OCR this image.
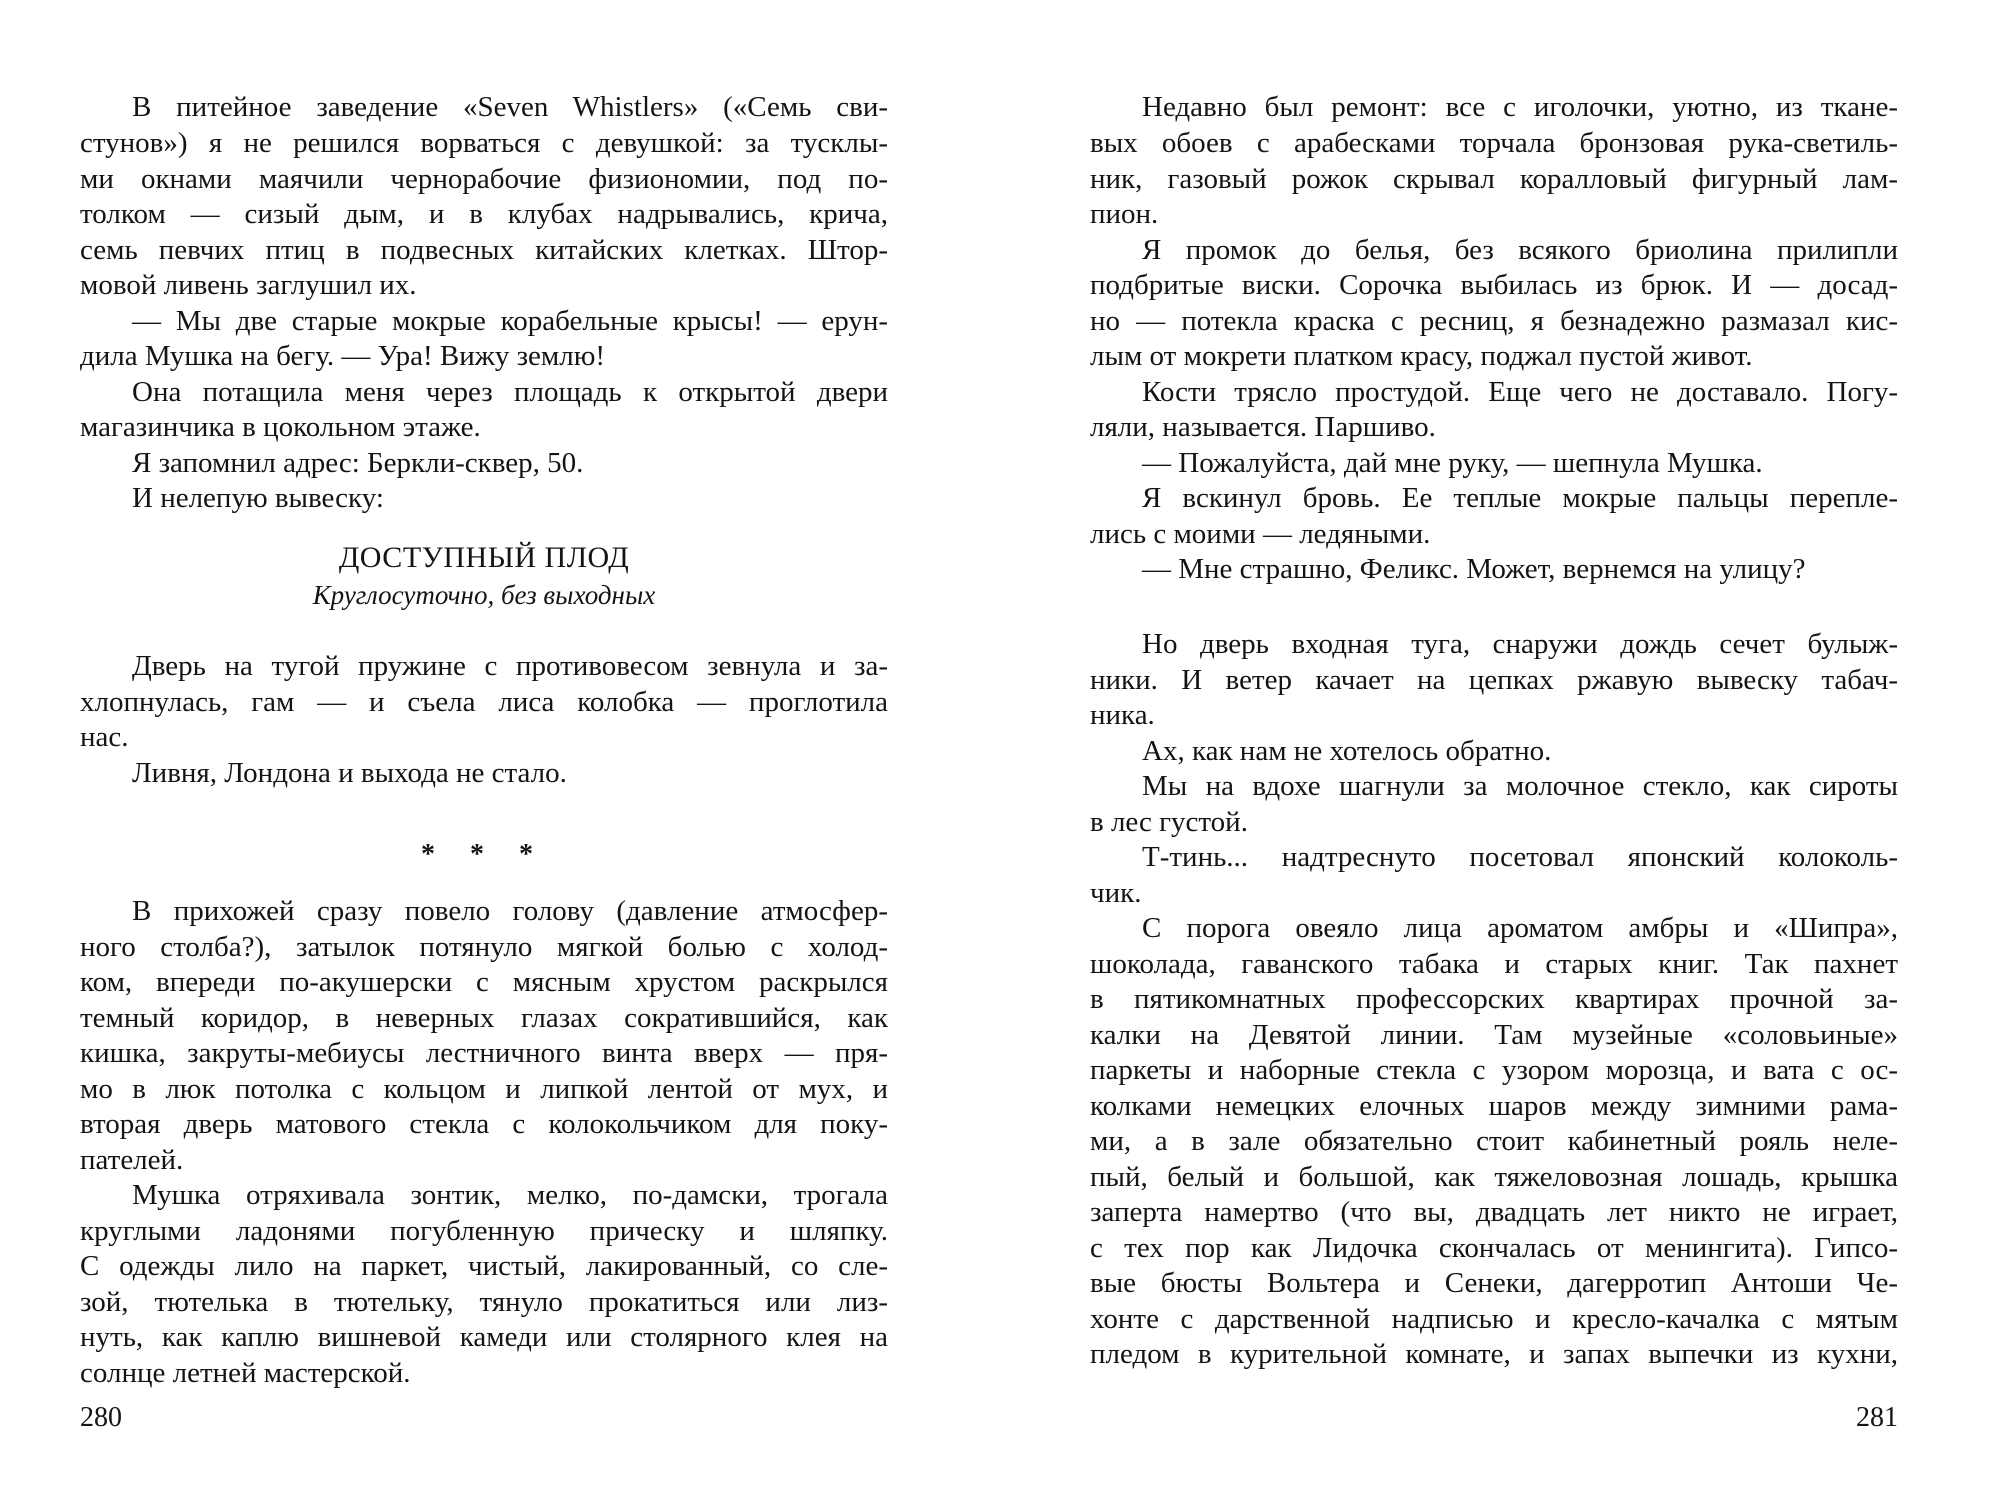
В питейное заведение «Seven Whistlers» («Семь сви-
стунов») я не решился ворваться с девушкой: за тусклы-
ми окнами маячили чернорабочие физиономии, под по-
толком — сизый дым, и в клубах надрывались, крича,
семь певчих птиц в подвесных китайских клетках. Штор-
мовой ливень заглушил их.
— Мы две старые мокрые корабельные крысы! — ерун-
дила Мушка на бегу. — Ура! Вижу землю!
Она потащила меня через площадь к открытой двери
магазинчика в цокольном этаже.
Я запомнил адрес: Беркли-сквер, 50.
И нелепую вывеску:
ДОСТУПНЫЙ ПЛОД
Круглосуточно, без выходных
Дверь на тугой пружине с противовесом зевнула и за-
хлопнулась, гам — и съела лиса колобка — проглотила
нас.
Ливня, Лондона и выхода не стало.
* * *
В прихожей сразу повело голову (давление атмосфер-
ного столба?), затылок потянуло мягкой болью с холод-
ком, впереди по-акушерски с мясным хрустом раскрылся
темный коридор, в неверных глазах сократившийся, как
кишка, закруты-мебиусы лестничного винта вверх — пря-
мо в люк потолка с кольцом и липкой лентой от мух, и
вторая дверь матового стекла с колокольчиком для поку-
пателей.
Мушка отряхивала зонтик, мелко, по-дамски, трогала
круглыми ладонями погубленную прическу и шляпку.
С одежды лило на паркет, чистый, лакированный, со сле-
зой, тютелька в тютельку, тянуло прокатиться или лиз-
нуть, как каплю вишневой камеди или столярного клея на
солнце летней мастерской.
280
Недавно был ремонт: все с иголочки, уютно, из ткане-
вых обоев с арабесками торчала бронзовая рука-светиль-
ник, газовый рожок скрывал коралловый фигурный лам-
пион.
Я промок до белья, без всякого бриолина прилипли
подбритые виски. Сорочка выбилась из брюк. И — досад-
но — потекла краска с ресниц, я безнадежно размазал кис-
лым от мокрети платком красу, поджал пустой живот.
Кости трясло простудой. Еще чего не доставало. Погу-
ляли, называется. Паршиво.
— Пожалуйста, дай мне руку, — шепнула Мушка.
Я вскинул бровь. Ее теплые мокрые пальцы перепле-
лись с моими — ледяными.
— Мне страшно, Феликс. Может, вернемся на улицу?
Но дверь входная туга, снаружи дождь сечет булыж-
ники. И ветер качает на цепках ржавую вывеску табач-
ника.
Ах, как нам не хотелось обратно.
Мы на вдохе шагнули за молочное стекло, как сироты
в лес густой.
Т-тинь... надтреснуто посетовал японский колоколь-
чик.
С порога овеяло лица ароматом амбры и «Шипра»,
шоколада, гаванского табака и старых книг. Так пахнет
в пятикомнатных профессорских квартирах прочной за-
калки на Девятой линии. Там музейные «соловьиные»
паркеты и наборные стекла с узором морозца, и вата с ос-
колками немецких елочных шаров между зимними рама-
ми, а в зале обязательно стоит кабинетный рояль неле-
пый, белый и большой, как тяжеловозная лошадь, крышка
заперта намертво (что вы, двадцать лет никто не играет,
с тех пор как Лидочка скончалась от менингита). Гипсо-
вые бюсты Вольтера и Сенеки, дагерротип Антоши Че-
хонте с дарственной надписью и кресло-качалка с мятым
пледом в курительной комнате, и запах выпечки из кухни,
281
